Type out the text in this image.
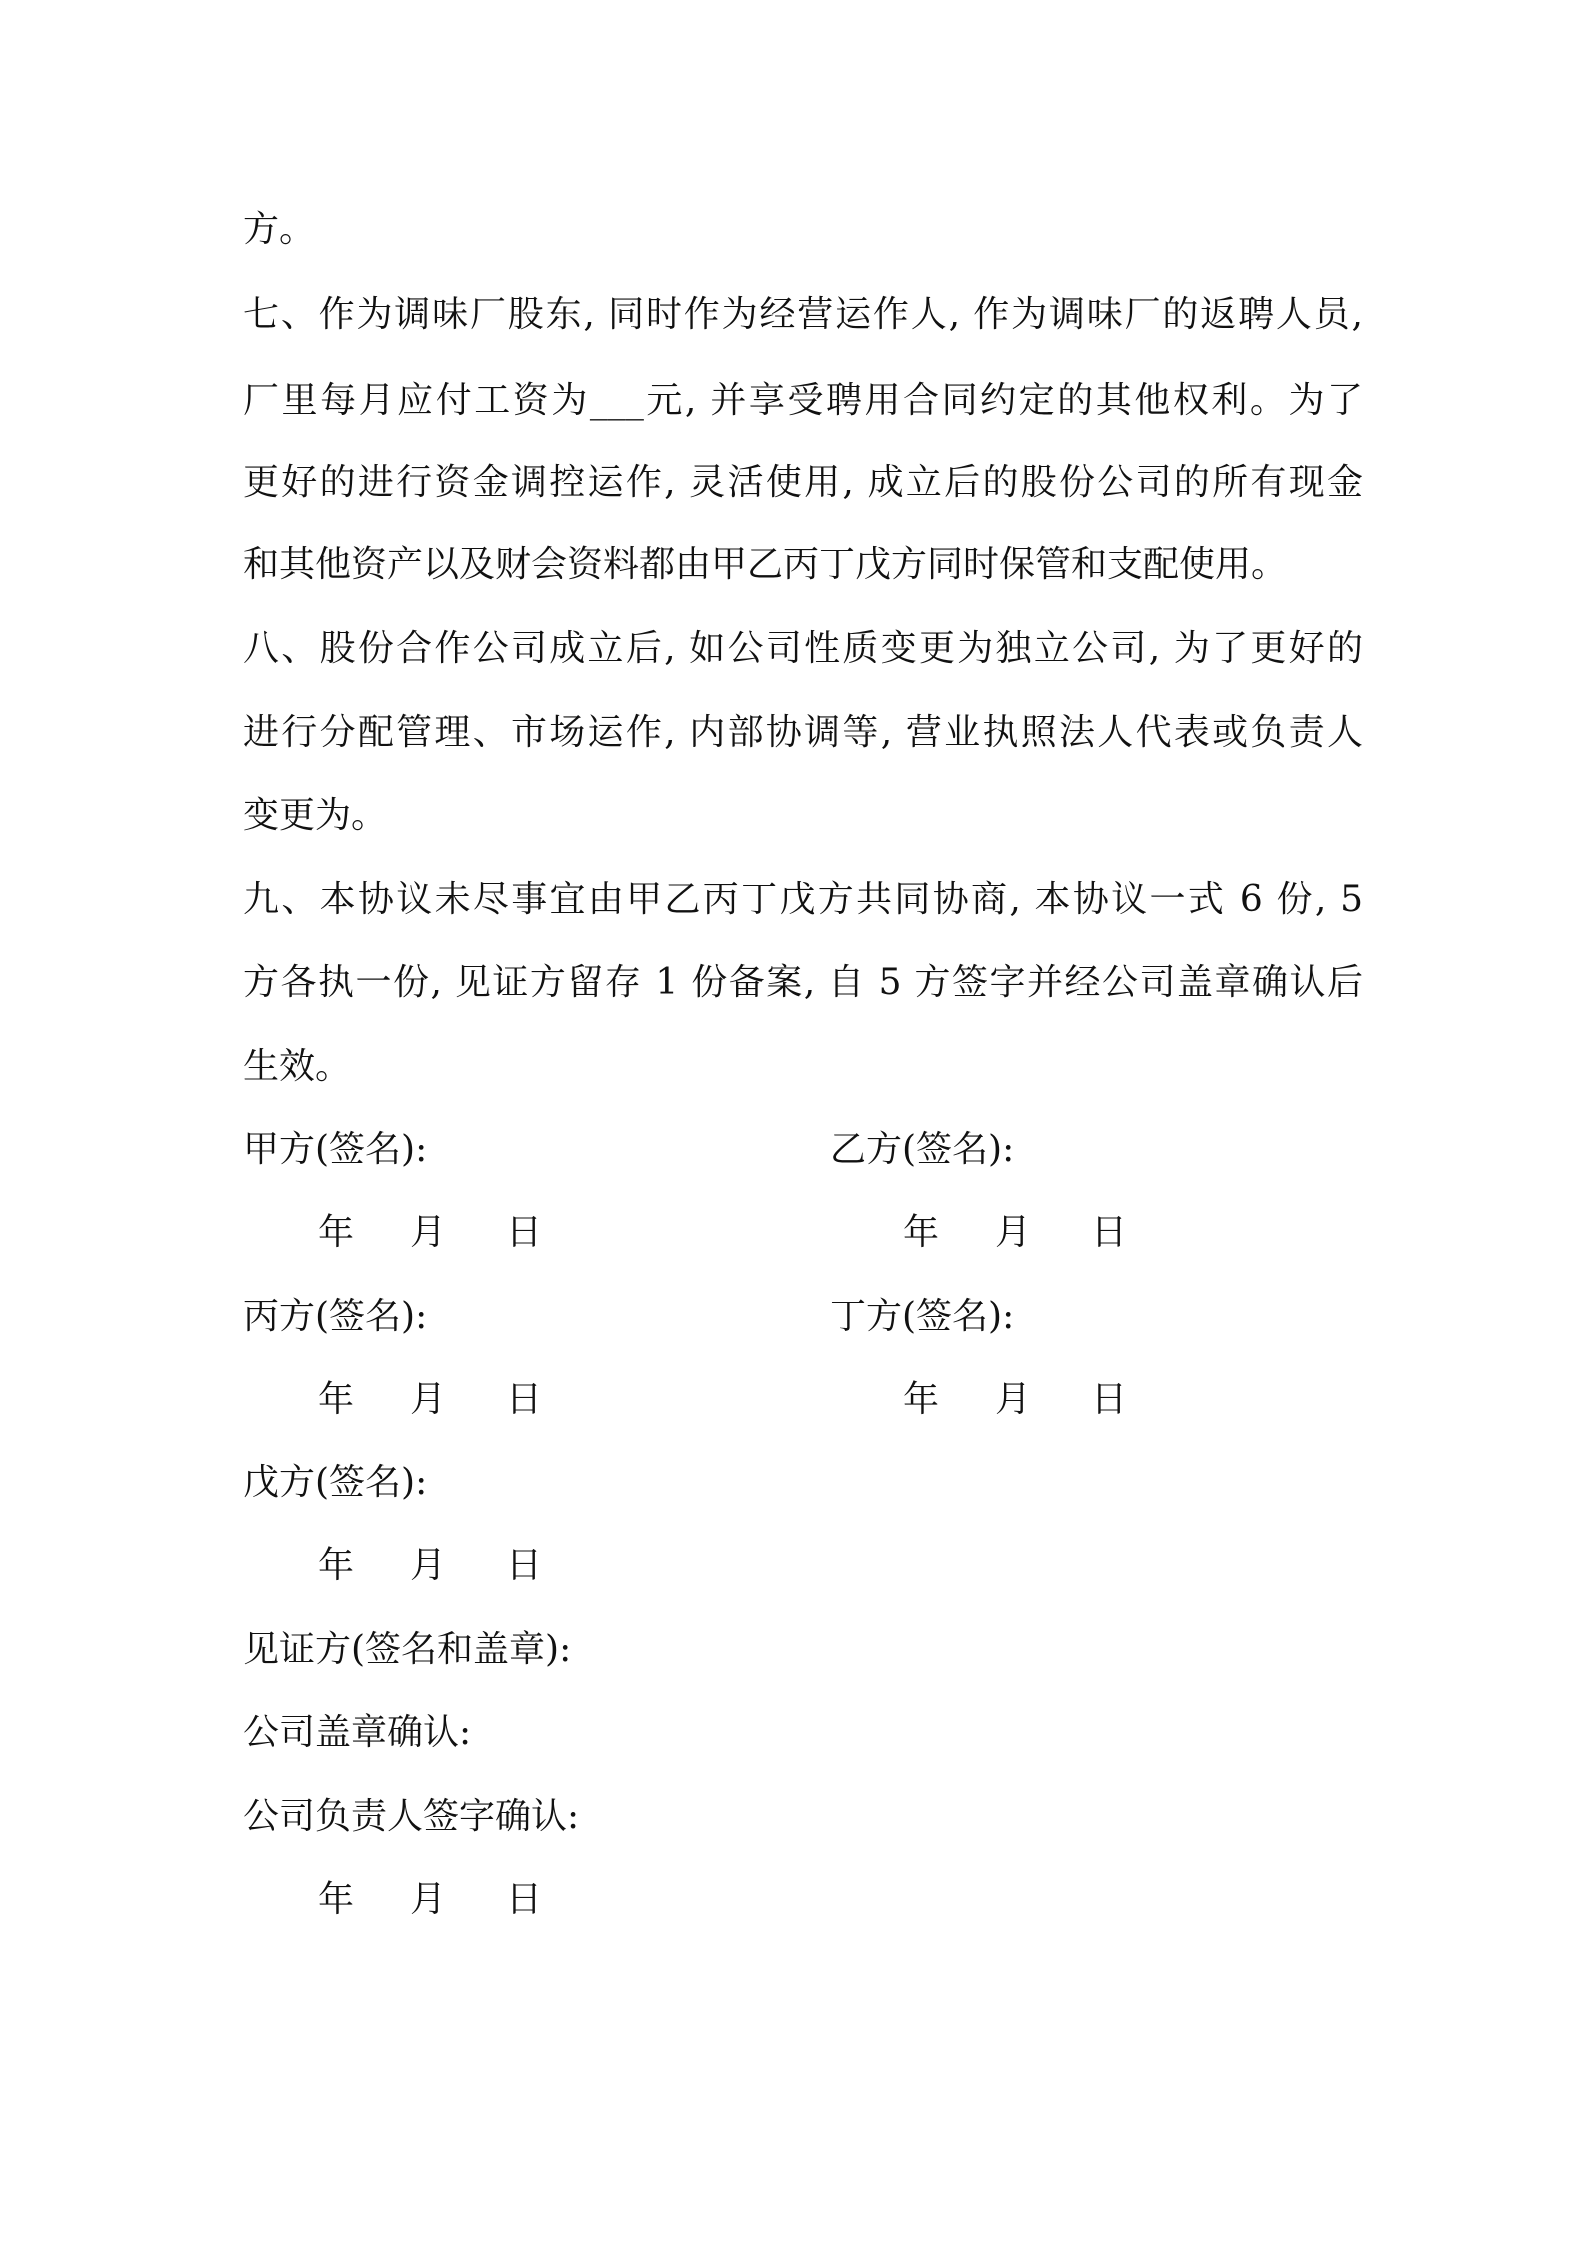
方。
七、作为调味厂股东, 同时作为经营运作人, 作为调味厂的返聘人员,
厂里每月应付工资为___元, 并享受聘用合同约定的其他权利。为了
更好的进行资金调控运作, 灵活使用, 成立后的股份公司的所有现金
和其他资产以及财会资料都由甲乙丙丁戊方同时保管和支配使用。
八、股份合作公司成立后, 如公司性质变更为独立公司, 为了更好的
进行分配管理、市场运作, 内部协调等, 营业执照法人代表或负责人
变更为。
九、本协议未尽事宜由甲乙丙丁戊方共同协商, 本协议一式 6 份, 5
方各执一份, 见证方留存 1 份备案, 自 5 方签字并经公司盖章确认后
生效。
甲方(签名):	乙方(签名):
年 月 日	年 月 日
丙方(签名):	丁方(签名):
年 月 日	年 月 日
戊方(签名):
年 月 日
见证方(签名和盖章):
公司盖章确认:
公司负责人签字确认:
年 月 日
